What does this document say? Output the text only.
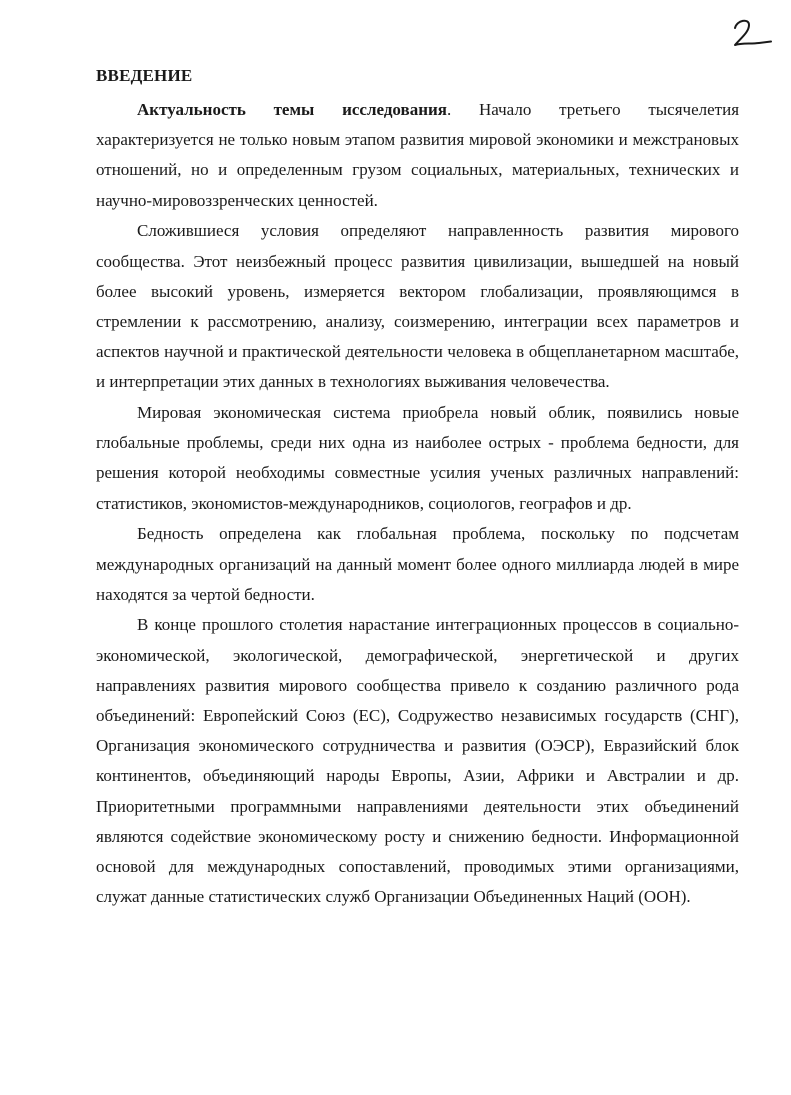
ВВЕДЕНИЕ

Актуальность темы исследования. Начало третьего тысячелетия характеризуется не только новым этапом развития мировой экономики и межстрановых отношений, но и определенным грузом социальных, материальных, технических и научно-мировоззренческих ценностей.

Сложившиеся условия определяют направленность развития мирового сообщества. Этот неизбежный процесс развития цивилизации, вышедшей на новый более высокий уровень, измеряется вектором глобализации, проявляющимся в стремлении к рассмотрению, анализу, соизмерению, интеграции всех параметров и аспектов научной и практической деятельности человека в общепланетарном масштабе, и интерпретации этих данных в технологиях выживания человечества.

Мировая экономическая система приобрела новый облик, появились новые глобальные проблемы, среди них одна из наиболее острых - проблема бедности, для решения которой необходимы совместные усилия ученых различных направлений: статистиков, экономистов-международников, социологов, географов и др.

Бедность определена как глобальная проблема, поскольку по подсчетам международных организаций на данный момент более одного миллиарда людей в мире находятся за чертой бедности.

В конце прошлого столетия нарастание интеграционных процессов в социально-экономической, экологической, демографической, энергетической и других направлениях развития мирового сообщества привело к созданию различного рода объединений: Европейский Союз (ЕС), Содружество независимых государств (СНГ), Организация экономического сотрудничества и развития (ОЭСР), Евразийский блок континентов, объединяющий народы Европы, Азии, Африки и Австралии и др. Приоритетными программными направлениями деятельности этих объединений являются содействие экономическому росту и снижению бедности. Информационной основой для международных сопоставлений, проводимых этими организациями, служат данные статистических служб Организации Объединенных Наций (ООН).
